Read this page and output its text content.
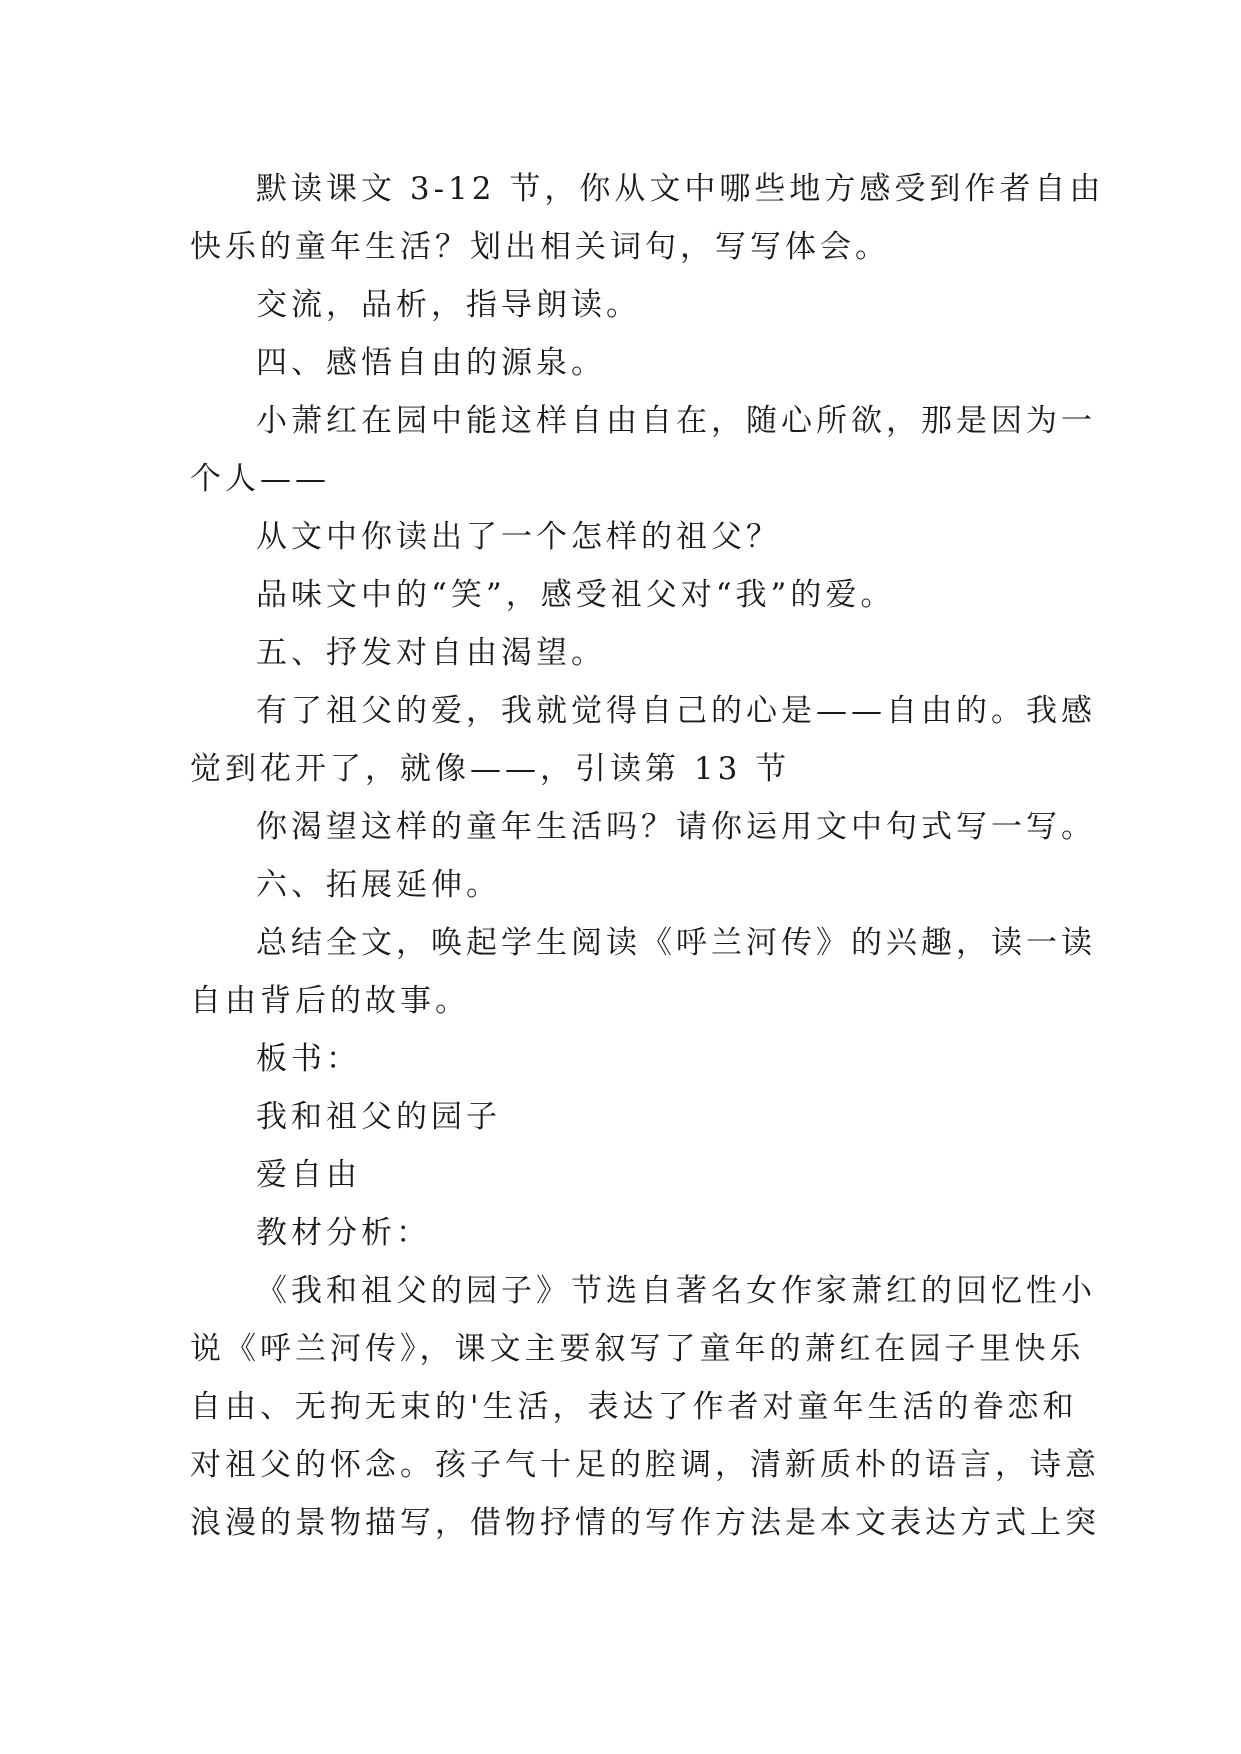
默读课文 3-12 节，你从文中哪些地方感受到作者自由
快乐的童年生活？划出相关词句，写写体会。
交流，品析，指导朗读。
四、感悟自由的源泉。
小萧红在园中能这样自由自在，随心所欲，那是因为一
个人——
从文中你读出了一个怎样的祖父？
品味文中的“笑”，感受祖父对“我”的爱。
五、抒发对自由渴望。
有了祖父的爱，我就觉得自己的心是——自由的。我感
觉到花开了，就像——，引读第 13 节
你渴望这样的童年生活吗？请你运用文中句式写一写。
六、拓展延伸。
总结全文，唤起学生阅读《呼兰河传》的兴趣，读一读
自由背后的故事。
板书：
我和祖父的园子
爱自由
教材分析：
《我和祖父的园子》节选自著名女作家萧红的回忆性小
说《呼兰河传》，课文主要叙写了童年的萧红在园子里快乐
自由、无拘无束的'生活，表达了作者对童年生活的眷恋和
对祖父的怀念。孩子气十足的腔调，清新质朴的语言，诗意
浪漫的景物描写，借物抒情的写作方法是本文表达方式上突
